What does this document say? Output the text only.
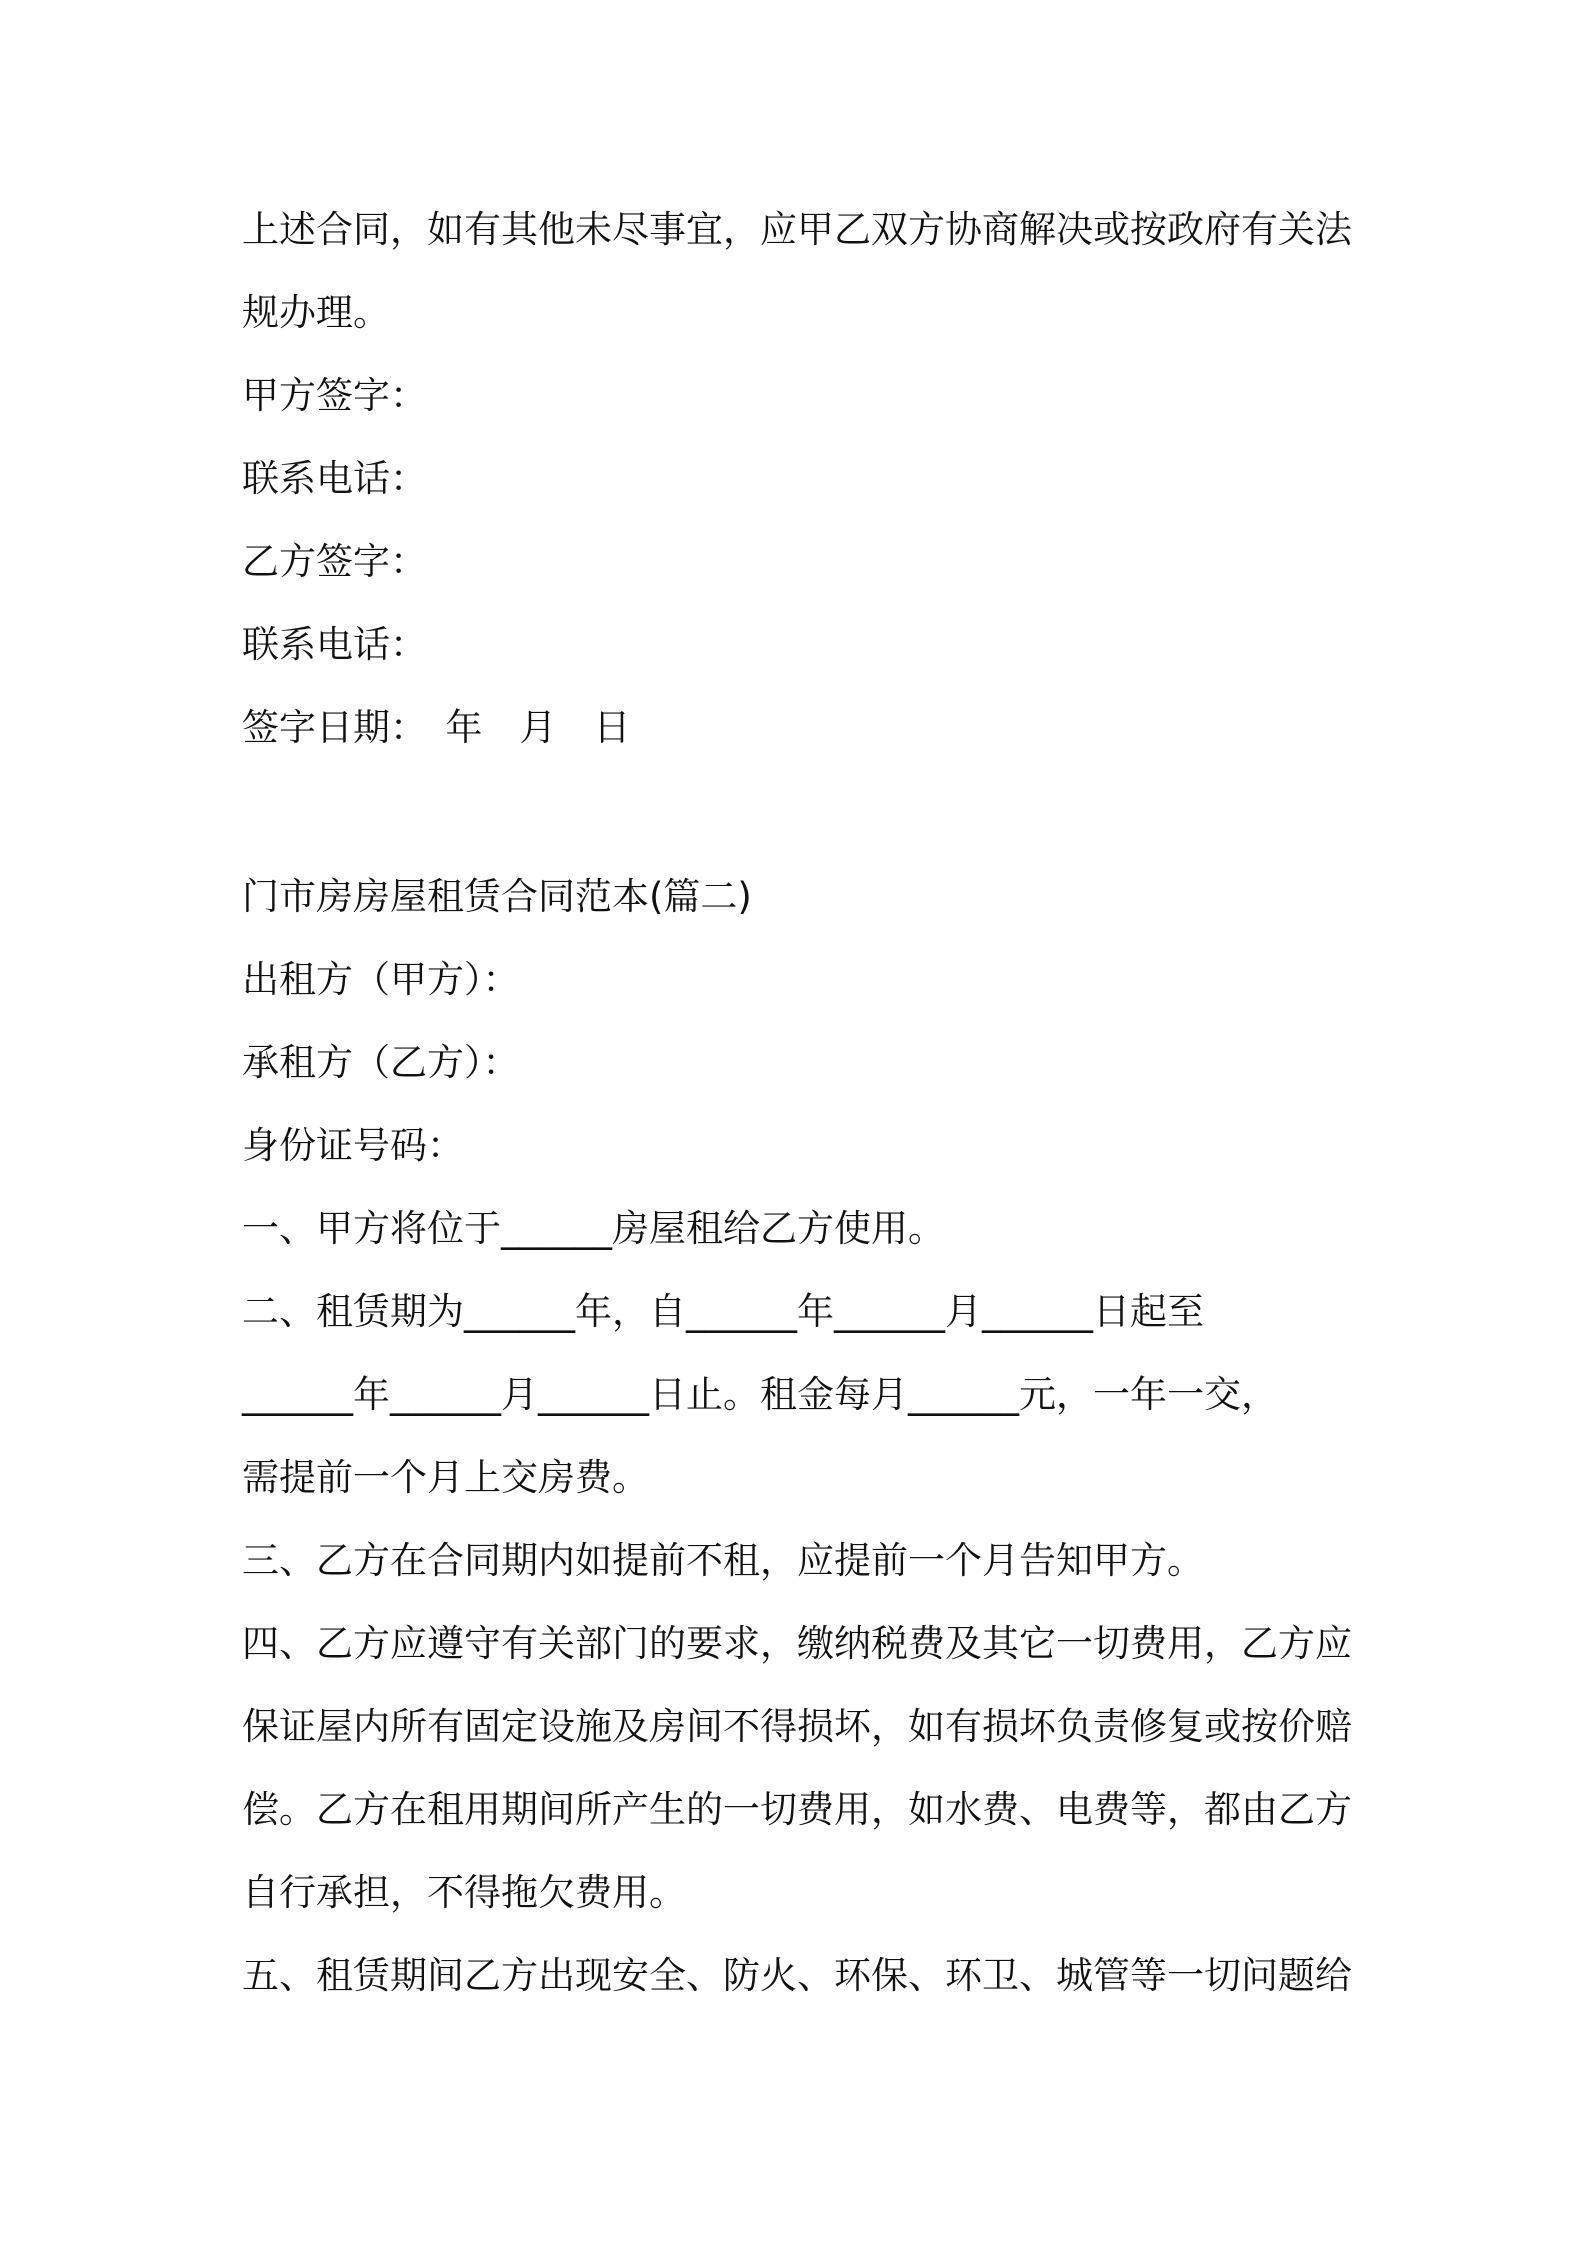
上述合同，如有其他未尽事宜，应甲乙双方协商解决或按政府有关法
规办理。
甲方签字：
联系电话：
乙方签字：
联系电话：
签字日期：　年　月　日
门市房房屋租赁合同范本(篇二)
出租方（甲方）：
承租方（乙方）：
身份证号码：
一、甲方将位于______房屋租给乙方使用。
二、租赁期为______年，自______年______月______日起至
______年______月______日止。租金每月______元，一年一交，
需提前一个月上交房费。
三、乙方在合同期内如提前不租，应提前一个月告知甲方。
四、乙方应遵守有关部门的要求，缴纳税费及其它一切费用，乙方应
保证屋内所有固定设施及房间不得损坏，如有损坏负责修复或按价赔
偿。乙方在租用期间所产生的一切费用，如水费、电费等，都由乙方
自行承担，不得拖欠费用。
五、租赁期间乙方出现安全、防火、环保、环卫、城管等一切问题给
